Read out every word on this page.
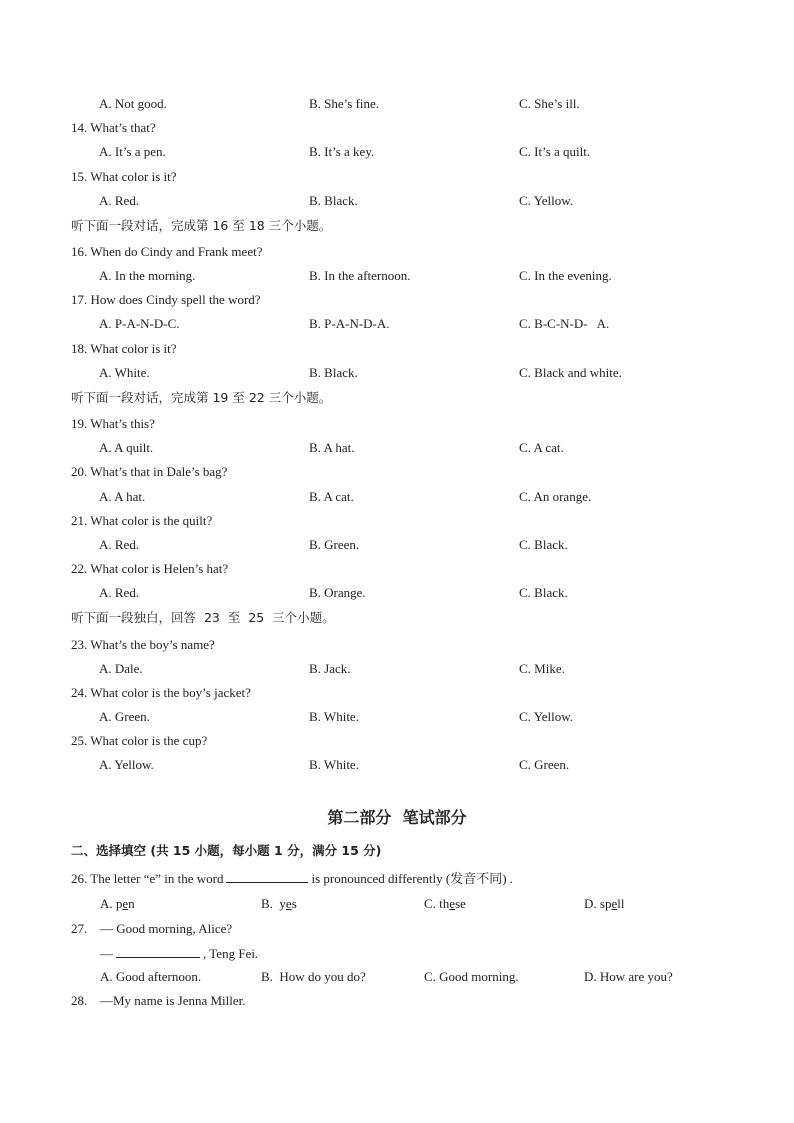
A. Not good.	B. She’s fine.	C. She’s ill.
14. What’s that?
A. It’s a pen.	B. It’s a key.	C. It’s a quilt.
15. What color is it?
A. Red.	B. Black.	C. Yellow.
听下面一段对话，完成第 16 至 18 三个小题。
16. When do Cindy and Frank meet?
A. In the morning.	B. In the afternoon.	C. In the evening.
17. How does Cindy spell the word?
A. P-A-N-D-C.	B. P-A-N-D-A.	C. B-C-N-D-   A.
18. What color is it?
A. White.	B. Black.	C. Black and white.
听下面一段对话，完成第 19 至 22 三个小题。
19. What’s this?
A. A quilt.	B. A hat.	C. A cat.
20. What’s that in Dale’s bag?
A. A hat.	B. A cat.	C. An orange.
21. What color is the quilt?
A. Red.	B. Green.	C. Black.
22. What color is Helen’s hat?
A. Red.	B. Orange.	C. Black.
听下面一段独白，回答  23  至  25  三个小题。
23. What’s the boy’s name?
A. Dale.	B. Jack.	C. Mike.
24. What color is the boy’s jacket?
A. Green.	B. White.	C. Yellow.
25. What color is the cup?
A. Yellow.	B. White.	C. Green.
第二部分  笔试部分
二、选择填空 (共 15 小题，每小题 1 分，满分 15 分)
26. The letter “e” in the word	is pronounced differently (发音不同) .
A. pen	B.  yes	C. these	D. spell
27. — Good morning, Alice?
—	, Teng Fei.
A. Good afternoon.	B.  How do you do?	C. Good morning.	D. How are you?
28. —My name is Jenna Miller.
